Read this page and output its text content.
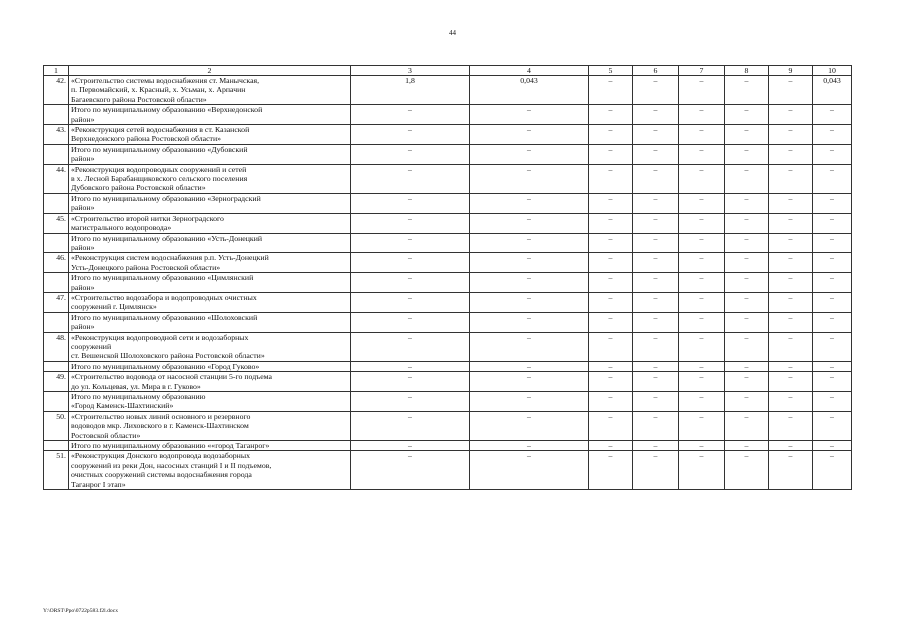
44
1	2	3	4	5	6	7	8	9	10
42.	«Строительство системы водоснабжения ст. Манычская,
п. Первомайский, х. Красный, х. Усьман, х. Арпачин
Багаевского района Ростовской области»	1,8	0,043	–	–	–	–	–	0,043

	Итого по муниципальному образованию «Верхнедонской
район»	–	–	–	–	–	–	–	–
43.	«Реконструкция сетей водоснабжения в ст. Казанской
Верхнедонского района Ростовской области»	–	–	–	–	–	–	–	–

	Итого по муниципальному образованию «Дубовский
район»	–	–	–	–	–	–	–	–
44.	«Реконструкция водопроводных сооружений и сетей
в х. Лесной Барабанщиковского сельского поселения
Дубовского района Ростовской области»	–	–	–	–	–	–	–	–

	Итого по муниципальному образованию «Зерноградский
район»	–	–	–	–	–	–	–	–
45.	«Строительство второй нитки Зерноградского
магистрального водопровода»	–	–	–	–	–	–	–	–

	Итого по муниципальному образованию «Усть-Донецкий
район»	–	–	–	–	–	–	–	–
46.	«Реконструкция систем водоснабжения р.п. Усть-Донецкий
Усть-Донецкого района Ростовской области»	–	–	–	–	–	–	–	–

	Итого по муниципальному образованию «Цимлянский
район»	–	–	–	–	–	–	–	–
47.	«Строительство водозабора и водопроводных очистных
сооружений г. Цимлянск»	–	–	–	–	–	–	–	–

	Итого по муниципальному образованию «Шолоховский
район»	–	–	–	–	–	–	–	–
48.	«Реконструкция водопроводной сети и водозаборных
сооружений
ст. Вешенской Шолоховского района Ростовской области»	–	–	–	–	–	–	–	–

	Итого по муниципальному образованию «Город Гуково»	–	–	–	–	–	–	–	–
49.	«Строительство водовода от насосной станции 5-го подъема
до ул. Кольцевая, ул. Мира в г. Гуково»	–	–	–	–	–	–	–	–

	Итого по муниципальному образованию
«Город Каменск-Шахтинский»	–	–	–	–	–	–	–	–
50.	«Строительство новых линий основного и резервного
водоводов мкр. Лиховского в г. Каменск-Шахтинском
Ростовской области»	–	–	–	–	–	–	–	–

	Итого по муниципальному образованию ««город Таганрог»	–	–	–	–	–	–	–	–
51.	«Реконструкция Донского водопровода водозаборных
сооружений из реки Дон, насосных станций I и II подъемов,
очистных сооружений системы водоснабжения города
Таганрог I этап»	–	–	–	–	–	–	–	–
Y:\ORST\Ppo\0722p583.f2l.docx
